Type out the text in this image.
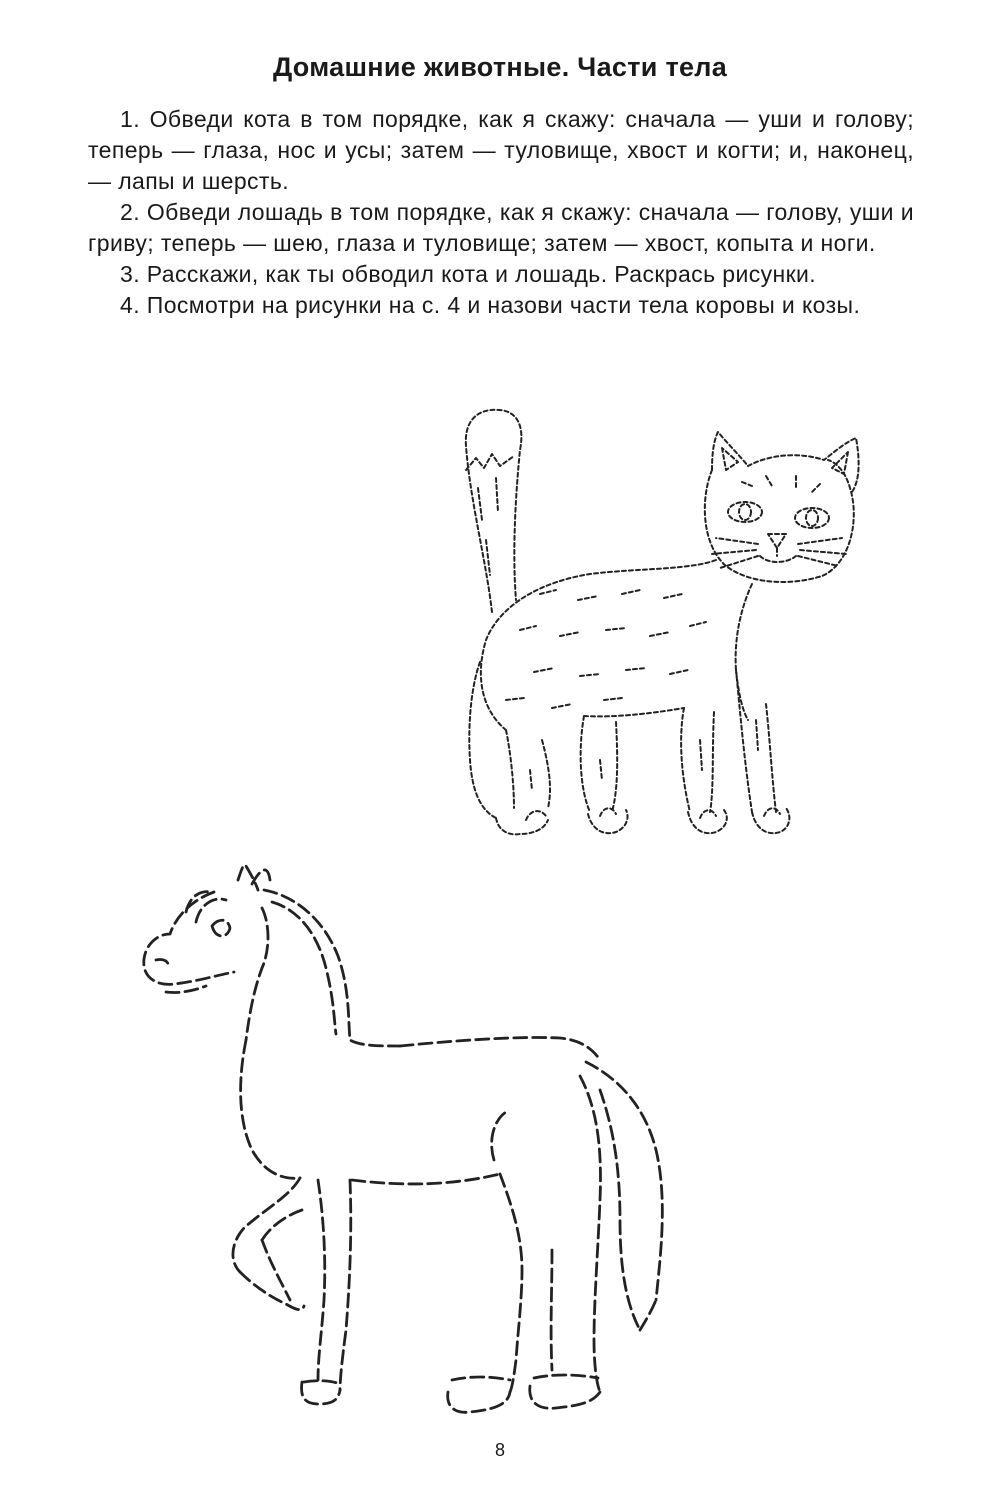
Домашние животные. Части тела
1. Обведи кота в том порядке, как я скажу: сначала — уши и голову; теперь — глаза, нос и усы; затем — туловище, хвост и когти; и, наконец, — лапы и шерсть.
2. Обведи лошадь в том порядке, как я скажу: сначала — голову, уши и гриву; теперь — шею, глаза и туловище; затем — хвост, копыта и ноги.
3. Расскажи, как ты обводил кота и лошадь. Раскрась рисунки.
4. Посмотри на рисунки на с. 4 и назови части тела коровы и козы.
8
